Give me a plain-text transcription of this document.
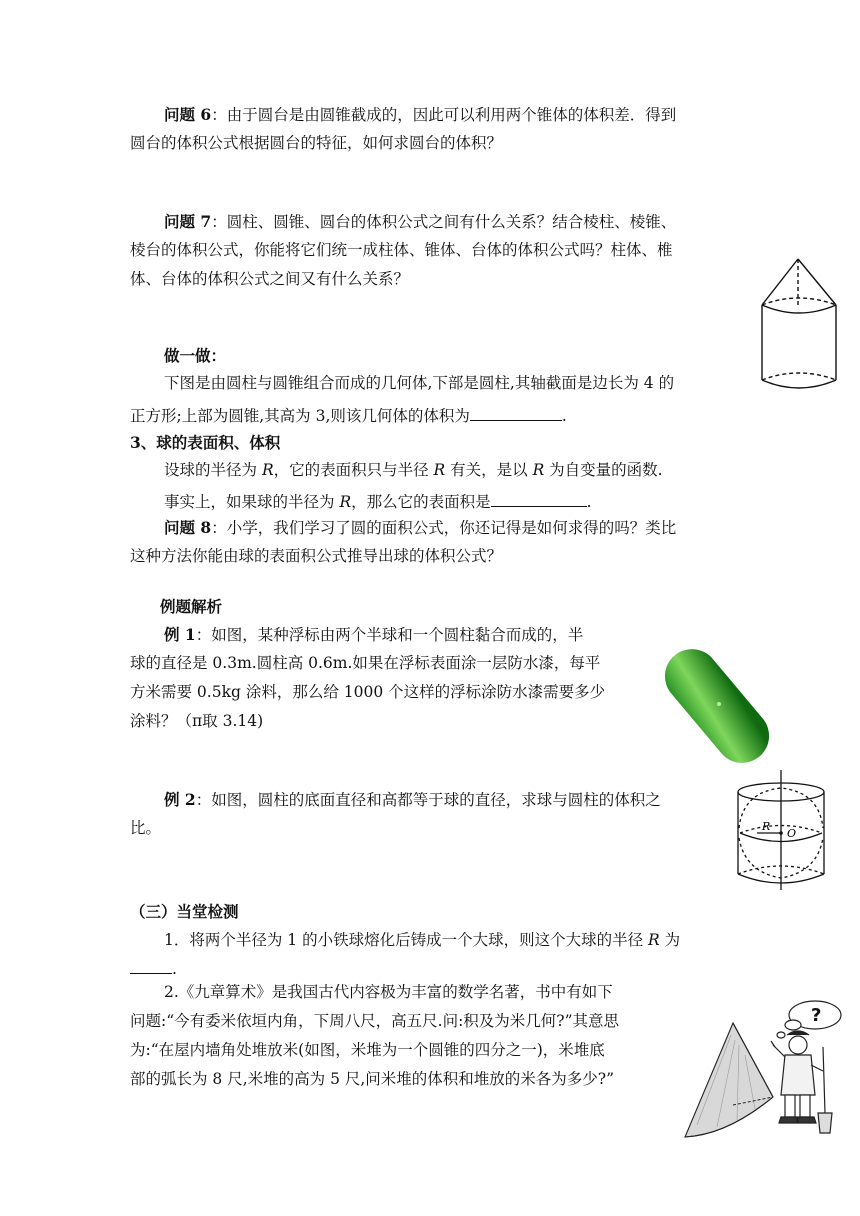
问题 6：由于圆台是由圆锥截成的，因此可以利用两个锥体的体积差．得到
圆台的体积公式根据圆台的特征，如何求圆台的体积？
问题 7：圆柱、圆锥、圆台的体积公式之间有什么关系？结合棱柱、棱锥、
棱台的体积公式，你能将它们统一成柱体、锥体、台体的体积公式吗？柱体、椎
体、台体的体积公式之间又有什么关系？
做一做：
下图是由圆柱与圆锥组合而成的几何体,下部是圆柱,其轴截面是边长为 4 的
正方形;上部为圆锥,其高为 3,则该几何体的体积为	.
3、球的表面积、体积
设球的半径为 R，它的表面积只与半径 R 有关，是以 R 为自变量的函数.
事实上，如果球的半径为 R，那么它的表面积是	.
问题 8：小学，我们学习了圆的面积公式，你还记得是如何求得的吗？类比
这种方法你能由球的表面积公式推导出球的体积公式？
例题解析
例 1：如图，某种浮标由两个半球和一个圆柱黏合而成的，半
球的直径是 0.3m.圆柱高 0.6m.如果在浮标表面涂一层防水漆，每平
方米需要 0.5kg 涂料，那么给 1000 个这样的浮标涂防水漆需要多少
涂料？（π取 3.14)
例 2：如图，圆柱的底面直径和高都等于球的直径，求球与圆柱的体积之
比。
（三）当堂检测
1．将两个半径为 1 的小铁球熔化后铸成一个大球，则这个大球的半径 R 为
.
2.《九章算术》是我国古代内容极为丰富的数学名著，书中有如下
问题:“今有委米依垣内角，下周八尺，高五尺.问:积及为米几何?”其意思
为:“在屋内墙角处堆放米(如图，米堆为一个圆锥的四分之一)，米堆底
部的弧长为 8 尺,米堆的高为 5 尺,问米堆的体积和堆放的米各为多少?”
R
O
?
